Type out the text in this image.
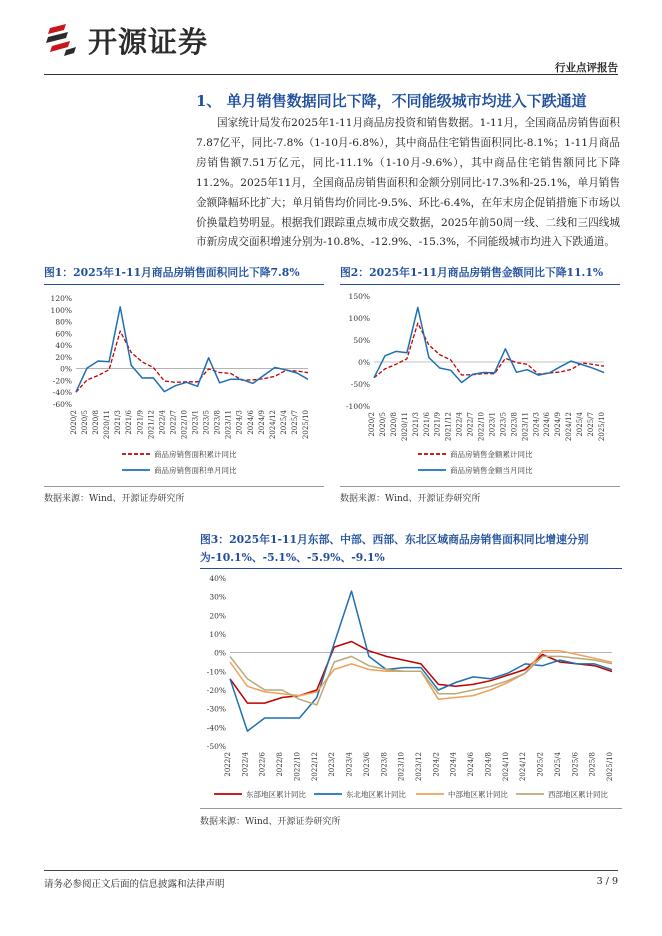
开源证券
行业点评报告
1、 单月销售数据同比下降，不同能级城市均进入下跌通道
国家统计局发布2025年1-11月商品房投资和销售数据。1-11月，全国商品房销售面积7.87亿平，同比-7.8%（1-10月-6.8%），其中商品住宅销售面积同比-8.1%；1-11月商品房销售额7.51万亿元，同比-11.1%（1-10月-9.6%），其中商品住宅销售额同比下降11.2%。2025年11月，全国商品房销售面积和金额分别同比-17.3%和-25.1%，单月销售金额降幅环比扩大；单月销售均价同比-9.5%、环比-6.4%，在年末房企促销措施下市场以价换量趋势明显。根据我们跟踪重点城市成交数据，2025年前50周一线、二线和三四线城市新房成交面积增速分别为-10.8%、-12.9%、-15.3%，不同能级城市均进入下跌通道。
图1：2025年1-11月商品房销售面积同比下降7.8%
120%
100%
80%
60%
40%
20%
0%
-20%
-40%
-60%
2020/2 2020/5 2020/8 2020/11 2021/3 2021/6 2021/9 2021/12 2022/4 2022/7 2022/10 2023/1 2023/5 2023/8 2023/11 2024/3 2024/6 2024/9 2024/12 2025/4 2025/7 2025/10
商品房销售面积累计同比
商品房销售面积单月同比
数据来源：Wind、开源证券研究所
图2：2025年1-11月商品房销售金额同比下降11.1%
150%
100%
50%
0%
-50%
-100%
2020/2 2020/5 2020/8 2020/11 2021/3 2021/6 2021/9 2021/12 2022/4 2022/7 2022/10 2023/1 2023/5 2023/8 2023/11 2024/3 2024/6 2024/9 2024/12 2025/4 2025/7 2025/10
商品房销售金额累计同比
商品房销售金额当月同比
数据来源：Wind、开源证券研究所
图3：2025年1-11月东部、中部、西部、东北区域商品房销售面积同比增速分别为-10.1%、-5.1%、-5.9%、-9.1%
40%
30%
20%
10%
0%
-10%
-20%
-30%
-40%
-50%
2022/2 2022/4 2022/6 2022/8 2022/10 2022/12 2023/2 2023/4 2023/6 2023/8 2023/10 2023/12 2024/2 2024/4 2024/6 2024/8 2024/10 2024/12 2025/2 2025/4 2025/6 2025/8 2025/10
东部地区累计同比	东北地区累计同比	中部地区累计同比	西部地区累计同比
数据来源：Wind、开源证券研究所
请务必参阅正文后面的信息披露和法律声明	3 / 9
